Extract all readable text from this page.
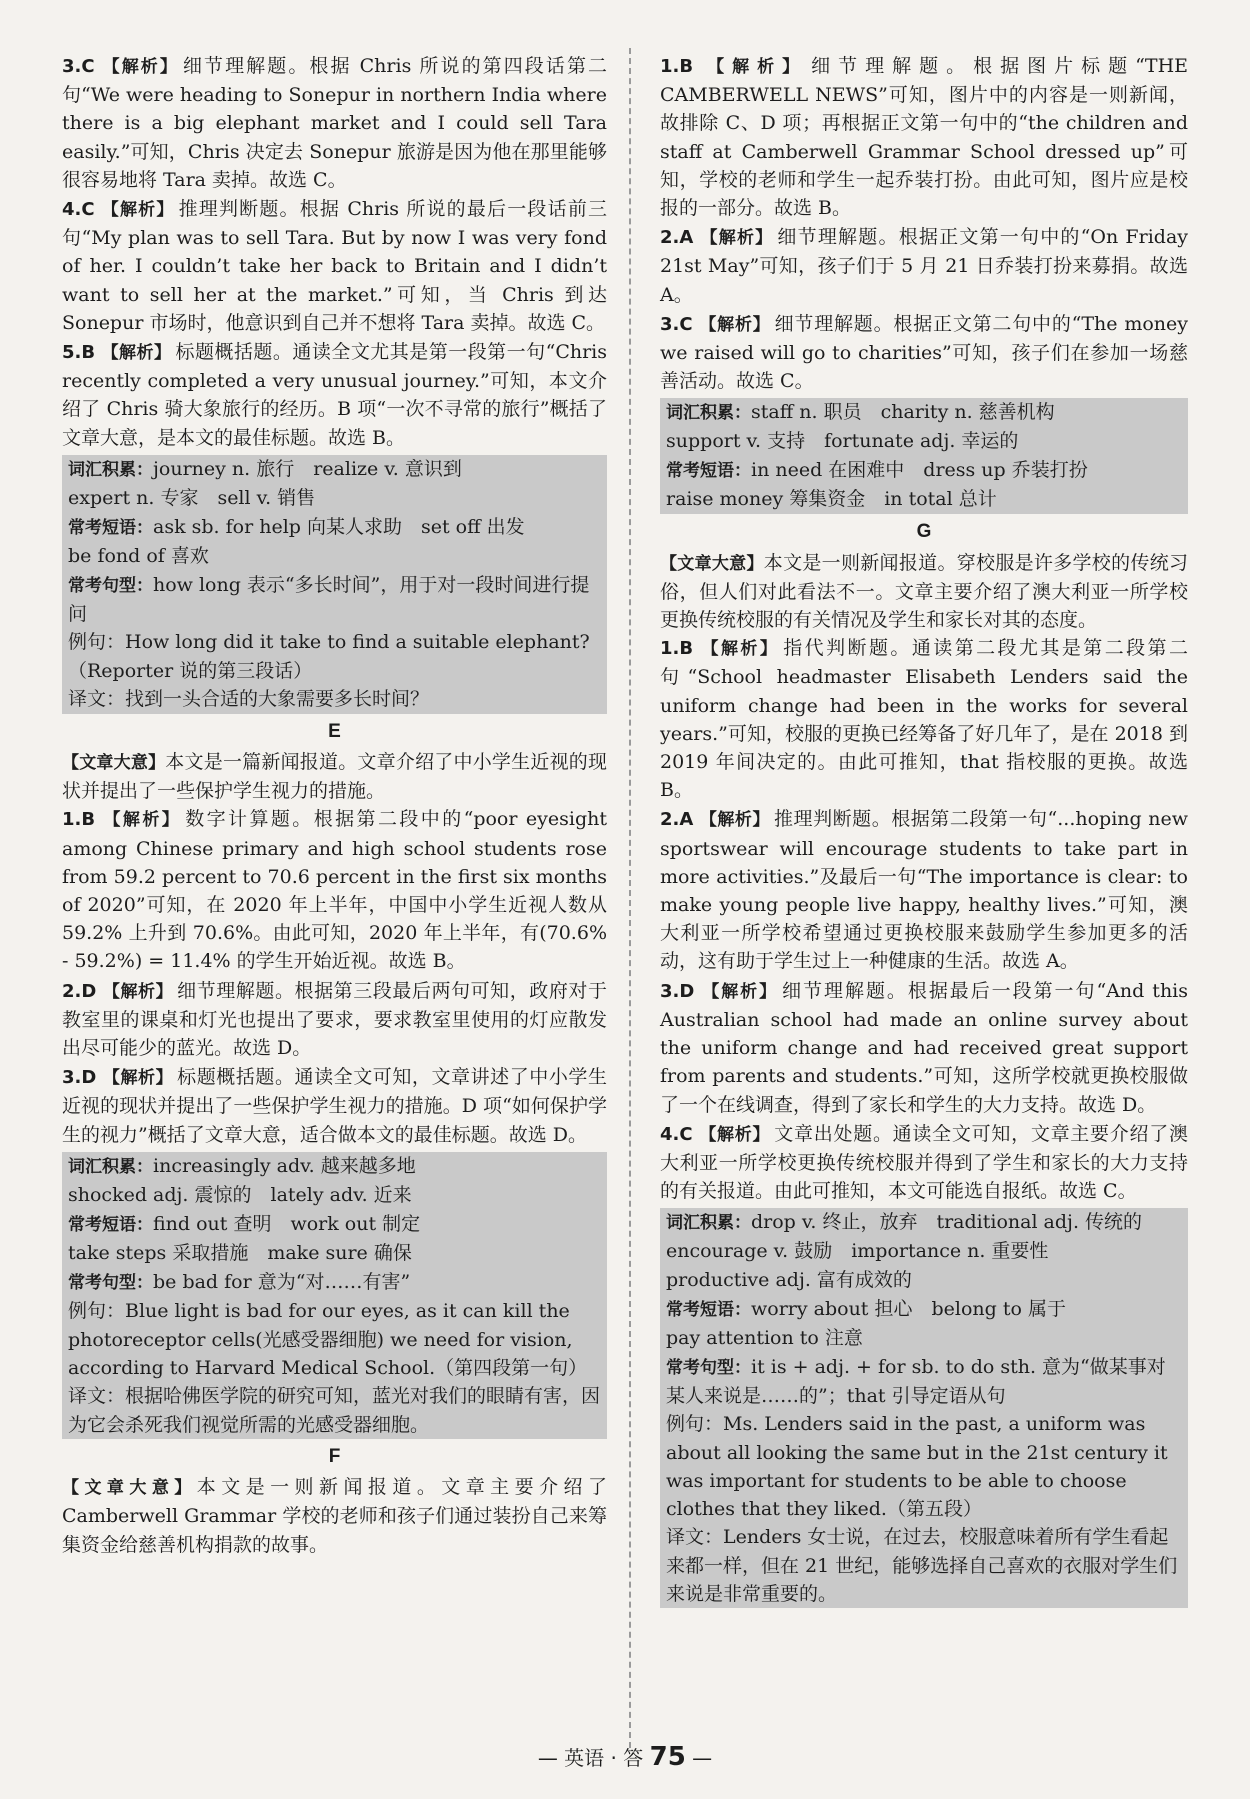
3.C 【解析】 细节理解题。根据 Chris 所说的第四段话第二句“We were heading to Sonepur in northern India where there is a big elephant market and I could sell Tara easily.”可知，Chris 决定去 Sonepur 旅游是因为他在那里能够很容易地将 Tara 卖掉。故选 C。
4.C 【解析】 推理判断题。根据 Chris 所说的最后一段话前三句“My plan was to sell Tara. But by now I was very fond of her. I couldn’t take her back to Britain and I didn’t want to sell her at the market.”可知，当 Chris 到达 Sonepur 市场时，他意识到自己并不想将 Tara 卖掉。故选 C。
5.B 【解析】 标题概括题。通读全文尤其是第一段第一句“Chris recently completed a very unusual journey.”可知，本文介绍了 Chris 骑大象旅行的经历。B 项“一次不寻常的旅行”概括了文章大意，是本文的最佳标题。故选 B。
词汇积累：journey n. 旅行　realize v. 意识到
expert n. 专家　sell v. 销售
常考短语：ask sb. for help 向某人求助　set off 出发
be fond of 喜欢
常考句型：how long 表示“多长时间”，用于对一段时间进行提问
例句：How long did it take to find a suitable elephant?（Reporter 说的第三段话）
译文：找到一头合适的大象需要多长时间？
E
【文章大意】本文是一篇新闻报道。文章介绍了中小学生近视的现状并提出了一些保护学生视力的措施。
1.B 【解析】 数字计算题。根据第二段中的“poor eyesight among Chinese primary and high school students rose from 59.2 percent to 70.6 percent in the first six months of 2020”可知，在 2020 年上半年，中国中小学生近视人数从 59.2% 上升到 70.6%。由此可知，2020 年上半年，有(70.6% - 59.2%) = 11.4% 的学生开始近视。故选 B。
2.D 【解析】 细节理解题。根据第三段最后两句可知，政府对于教室里的课桌和灯光也提出了要求，要求教室里使用的灯应散发出尽可能少的蓝光。故选 D。
3.D 【解析】 标题概括题。通读全文可知，文章讲述了中小学生近视的现状并提出了一些保护学生视力的措施。D 项“如何保护学生的视力”概括了文章大意，适合做本文的最佳标题。故选 D。
词汇积累：increasingly adv. 越来越多地
shocked adj. 震惊的　lately adv. 近来
常考短语：find out 查明　work out 制定
take steps 采取措施　make sure 确保
常考句型：be bad for 意为“对……有害”
例句：Blue light is bad for our eyes, as it can kill the photoreceptor cells(光感受器细胞) we need for vision, according to Harvard Medical School.（第四段第一句）
译文：根据哈佛医学院的研究可知，蓝光对我们的眼睛有害，因为它会杀死我们视觉所需的光感受器细胞。
F
【文章大意】本文是一则新闻报道。文章主要介绍了 Camberwell Grammar 学校的老师和孩子们通过装扮自己来筹集资金给慈善机构捐款的故事。
1.B 【解析】 细节理解题。根据图片标题“THE CAMBERWELL NEWS”可知，图片中的内容是一则新闻，故排除 C、D 项；再根据正文第一句中的“the children and staff at Camberwell Grammar School dressed up”可知，学校的老师和学生一起乔装打扮。由此可知，图片应是校报的一部分。故选 B。
2.A 【解析】 细节理解题。根据正文第一句中的“On Friday 21st May”可知，孩子们于 5 月 21 日乔装打扮来募捐。故选 A。
3.C 【解析】 细节理解题。根据正文第二句中的“The money we raised will go to charities”可知，孩子们在参加一场慈善活动。故选 C。
词汇积累：staff n. 职员　charity n. 慈善机构
support v. 支持　fortunate adj. 幸运的
常考短语：in need 在困难中　dress up 乔装打扮
raise money 筹集资金　in total 总计
G
【文章大意】本文是一则新闻报道。穿校服是许多学校的传统习俗，但人们对此看法不一。文章主要介绍了澳大利亚一所学校更换传统校服的有关情况及学生和家长对其的态度。
1.B 【解析】 指代判断题。通读第二段尤其是第二段第二句“School headmaster Elisabeth Lenders said the uniform change had been in the works for several years.”可知，校服的更换已经筹备了好几年了，是在 2018 到 2019 年间决定的。由此可推知，that 指校服的更换。故选 B。
2.A 【解析】 推理判断题。根据第二段第一句“...hoping new sportswear will encourage students to take part in more activities.”及最后一句“The importance is clear: to make young people live happy, healthy lives.”可知，澳大利亚一所学校希望通过更换校服来鼓励学生参加更多的活动，这有助于学生过上一种健康的生活。故选 A。
3.D 【解析】 细节理解题。根据最后一段第一句“And this Australian school had made an online survey about the uniform change and had received great support from parents and students.”可知，这所学校就更换校服做了一个在线调查，得到了家长和学生的大力支持。故选 D。
4.C 【解析】 文章出处题。通读全文可知，文章主要介绍了澳大利亚一所学校更换传统校服并得到了学生和家长的大力支持的有关报道。由此可推知，本文可能选自报纸。故选 C。
词汇积累：drop v. 终止，放弃　traditional adj. 传统的
encourage v. 鼓励　importance n. 重要性
productive adj. 富有成效的
常考短语：worry about 担心　belong to 属于
pay attention to 注意
常考句型：it is + adj. + for sb. to do sth. 意为“做某事对某人来说是……的”；that 引导定语从句
例句：Ms. Lenders said in the past, a uniform was about all looking the same but in the 21st century it was important for students to be able to choose clothes that they liked.（第五段）
译文：Lenders 女士说，在过去，校服意味着所有学生看起来都一样，但在 21 世纪，能够选择自己喜欢的衣服对学生们来说是非常重要的。
— 英语 · 答 75 —
